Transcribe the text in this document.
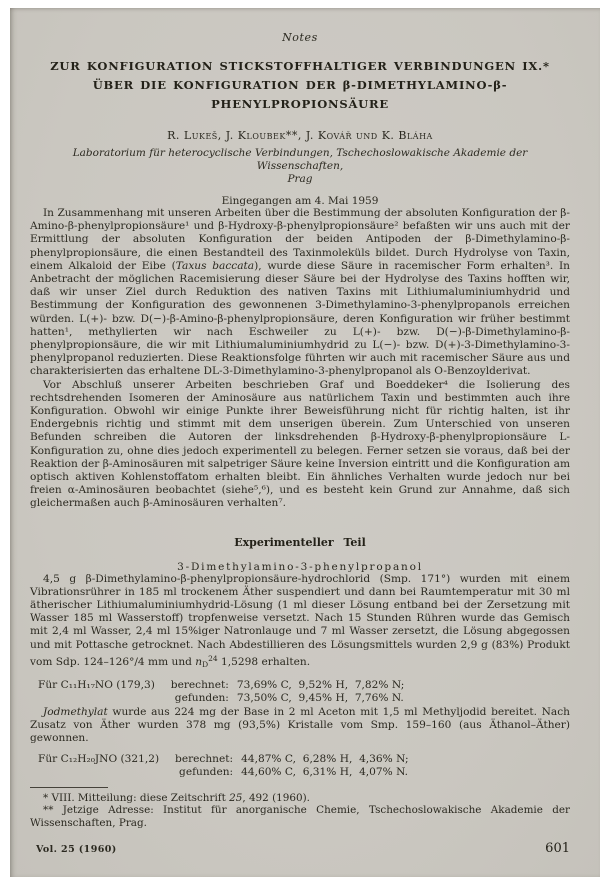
Notes
ZUR KONFIGURATION STICKSTOFFHALTIGER VERBINDUNGEN IX.*
ÜBER DIE KONFIGURATION DER β-DIMETHYLAMINO-β-PHENYLPROPIONSÄURE
R. Lukeš, J. Kloubek**, J. Kovář und K. Bláha
Laboratorium für heterocyclische Verbindungen, Tschechoslowakische Akademie der Wissenschaften,
Prag
Eingegangen am 4. Mai 1959

In Zusammenhang mit unseren Arbeiten über die Bestimmung der absoluten Konfiguration der β-Amino-β-phenylpropionsäure¹ und β-Hydroxy-β-phenylpropionsäure² befaßten wir uns auch mit der Ermittlung der absoluten Konfiguration der beiden Antipoden der β-Dimethylamino-β-phenylpropionsäure, die einen Bestandteil des Taxinmoleküls bildet. Durch Hydrolyse von Taxin, einem Alkaloid der Eibe (Taxus baccata), wurde diese Säure in racemischer Form erhalten³. In Anbetracht der möglichen Racemisierung dieser Säure bei der Hydrolyse des Taxins hofften wir, daß wir unser Ziel durch Reduktion des nativen Taxins mit Lithiumaluminiumhydrid und Bestimmung der Konfiguration des gewonnenen 3-Dimethylamino-3-phenylpropanols erreichen würden. L(+)- bzw. D(−)-β-Amino-β-phenylpropionsäure, deren Konfiguration wir früher bestimmt hatten¹, methylierten wir nach Eschweiler zu L(+)- bzw. D(−)-β-Dimethylamino-β-phenylpropionsäure, die wir mit Lithiumaluminiumhydrid zu L(−)- bzw. D(+)-3-Dimethylamino-3-phenylpropanol reduzierten. Diese Reaktionsfolge führten wir auch mit racemischer Säure aus und charakterisierten das erhaltene DL-3-Dimethylamino-3-phenylpropanol als O-Benzoylderivat.

Vor Abschluß unserer Arbeiten beschrieben Graf und Boeddeker⁴ die Isolierung des rechtsdrehenden Isomeren der Aminosäure aus natürlichem Taxin und bestimmten auch ihre Konfiguration. Obwohl wir einige Punkte ihrer Beweisführung nicht für richtig halten, ist ihr Endergebnis richtig und stimmt mit dem unserigen überein. Zum Unterschied von unseren Befunden schreiben die Autoren der linksdrehenden β-Hydroxy-β-phenylpropionsäure L-Konfiguration zu, ohne dies jedoch experimentell zu belegen. Ferner setzen sie voraus, daß bei der Reaktion der β-Aminosäuren mit salpetriger Säure keine Inversion eintritt und die Konfiguration am optisch aktiven Kohlenstoffatom erhalten bleibt. Ein ähnliches Verhalten wurde jedoch nur bei freien α-Aminosäuren beobachtet (siehe⁵,⁶), und es besteht kein Grund zur Annahme, daß sich gleichermaßen auch β-Aminosäuren verhalten⁷.

Experimenteller Teil
3-Dimethylamino-3-phenylpropanol

4,5 g β-Dimethylamino-β-phenylpropionsäure-hydrochlorid (Smp. 171°) wurden mit einem Vibrationsrührer in 185 ml trockenem Äther suspendiert und dann bei Raumtemperatur mit 30 ml ätherischer Lithiumaluminiumhydrid-Lösung (1 ml dieser Lösung entband bei der Zersetzung mit Wasser 185 ml Wasserstoff) tropfenweise versetzt. Nach 15 Stunden Rühren wurde das Gemisch mit 2,4 ml Wasser, 2,4 ml 15%iger Natronlauge und 7 ml Wasser zersetzt, die Lösung abgegossen und mit Pottasche getrocknet. Nach Abdestillieren des Lösungsmittels wurden 2,9 g (83%) Produkt vom Sdp. 124–126°/4 mm und $n_D^{24}$ 1,5298 erhalten.

Für C₁₁H₁₇NO (179,3)	berechnet: 73,69% C,  9,52% H,  7,82% N;
gefunden: 73,50% C,  9,45% H,  7,76% N.

Jodmethylat wurde aus 224 mg der Base in 2 ml Aceton mit 1,5 ml Methyljodid bereitet. Nach Zusatz von Äther wurden 378 mg (93,5%) Kristalle vom Smp. 159–160 (aus Äthanol–Äther) gewonnen.

Für C₁₂H₂₀JNO (321,2)	berechnet: 44,87% C,  6,28% H,  4,36% N;
gefunden: 44,60% C,  6,31% H,  4,07% N.

* VIII. Mitteilung: diese Zeitschrift 25, 492 (1960).

** Jetzige Adresse: Institut für anorganische Chemie, Tschechoslowakische Akademie der Wissenschaften, Prag.

Vol. 25 (1960)	601
